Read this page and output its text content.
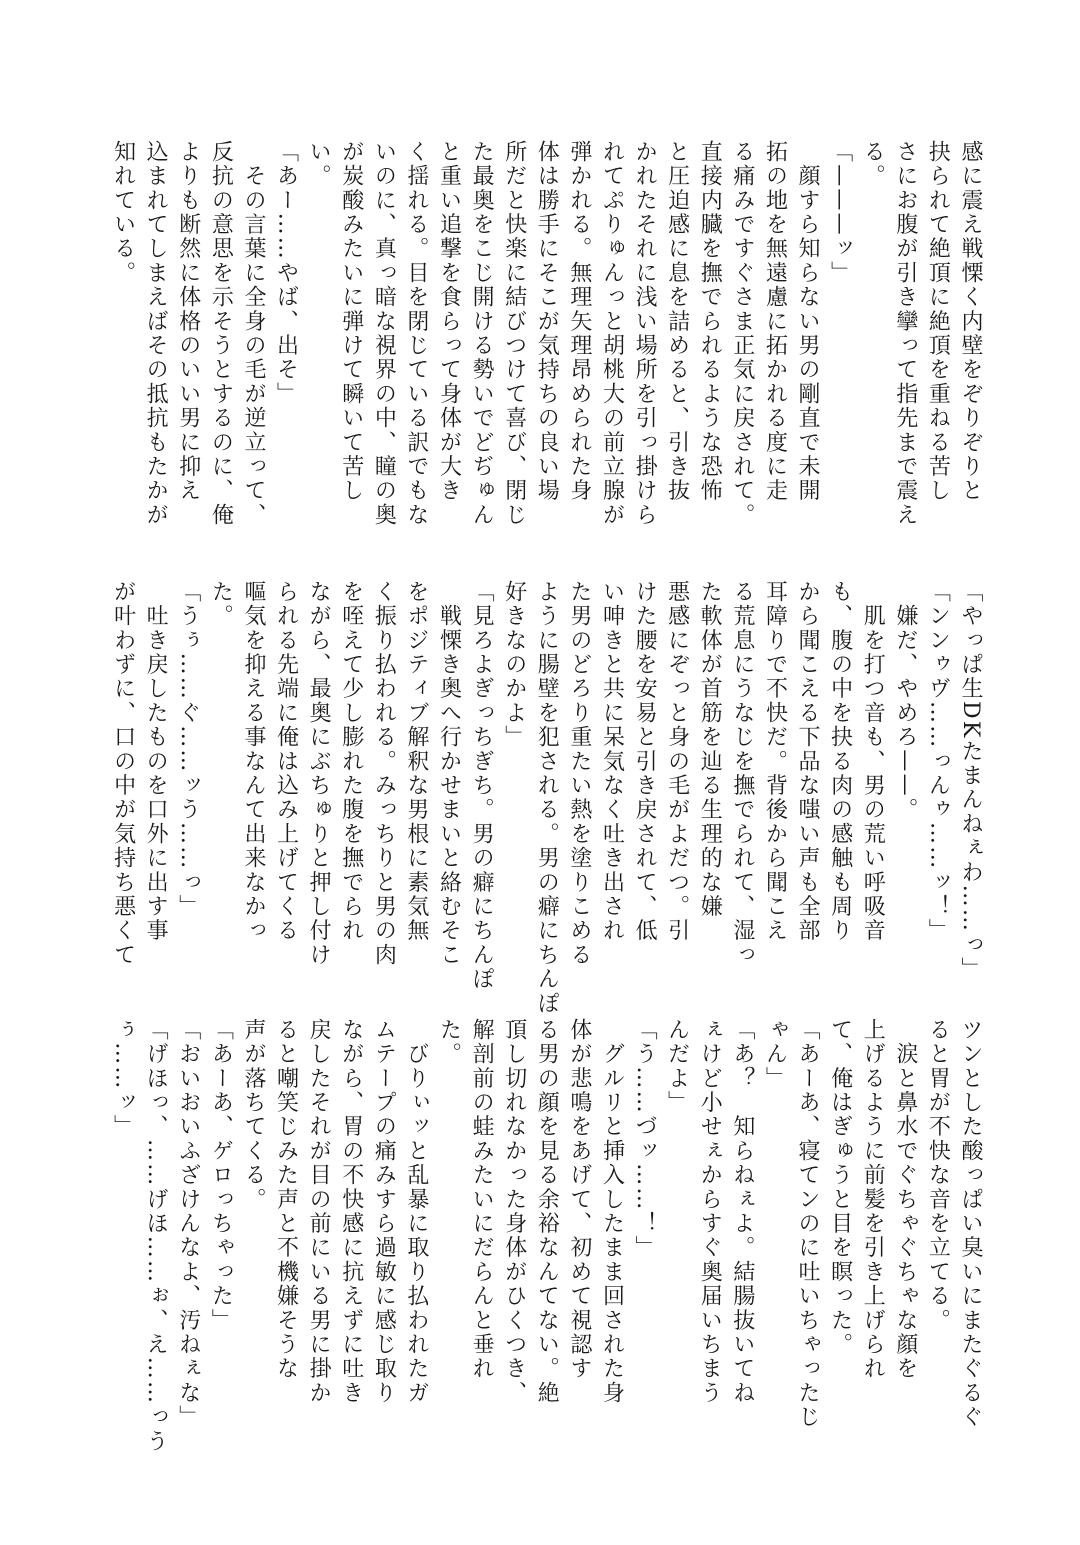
感に震え戦慄く内壁をぞりぞりと
抉られて絶頂に絶頂を重ねる苦し
さにお腹が引き攣って指先まで震え
る。
「———ッ」
　顔すら知らない男の剛直で未開
拓の地を無遠慮に拓かれる度に走
る痛みですぐさま正気に戻されて。
直接内臓を撫でられるような恐怖
と圧迫感に息を詰めると、引き抜
かれたそれに浅い場所を引っ掛けら
れてぷりゅんっと胡桃大の前立腺が
弾かれる。無理矢理昂められた身
体は勝手にそこが気持ちの良い場
所だと快楽に結びつけて喜び、閉じ
た最奥をこじ開ける勢いでどぢゅん
と重い追撃を食らって身体が大き
く揺れる。目を閉じている訳でもな
いのに、真っ暗な視界の中、瞳の奥
が炭酸みたいに弾けて瞬いて苦し
い。
「あー……やば、出そ」
　その言葉に全身の毛が逆立って、
反抗の意思を示そうとするのに、俺
よりも断然に体格のいい男に抑え
込まれてしまえばその抵抗もたかが
知れている。
「やっぱ生DKたまんねぇわ……っ」
「ンンゥヴ……っんゥ……ッ！」
　嫌だ、やめろ——。
　肌を打つ音も、男の荒い呼吸音
も、腹の中を抉る肉の感触も周り
から聞こえる下品な嗤い声も全部
耳障りで不快だ。背後から聞こえ
る荒息にうなじを撫でられて、湿っ
た軟体が首筋を辿る生理的な嫌
悪感にぞっと身の毛がよだつ。引
けた腰を安易と引き戻されて、低
い呻きと共に呆気なく吐き出され
た男のどろり重たい熱を塗りこめる
ように腸壁を犯される。男の癖にちんぽ
好きなのかよ」
「見ろよぎっちぎち。男の癖にちんぽ
　戦慄き奥へ行かせまいと絡むそこ
をポジティブ解釈な男根に素気無
く振り払われる。みっちりと男の肉
を咥えて少し膨れた腹を撫でられ
ながら、最奥にぶちゅりと押し付け
られる先端に俺は込み上げてくる
嘔気を抑える事なんて出来なかっ
た。
「うぅ……ぐ……ッう……っ」
　吐き戻したものを口外に出す事
が叶わずに、口の中が気持ち悪くて
ツンとした酸っぱい臭いにまたぐるぐ
ると胃が不快な音を立てる。
　涙と鼻水でぐちゃぐちゃな顔を
上げるように前髪を引き上げられ
て、俺はぎゅうと目を瞑った。
「あーあ、寝てンのに吐いちゃったじ
ゃん」
「あ？　知らねぇよ。結腸抜いてね
ぇけど小せぇからすぐ奥届いちまう
んだよ」
「う……づッ……！」
　グルリと挿入したまま回された身
体が悲鳴をあげて、初めて視認す
る男の顔を見る余裕なんてない。絶
頂し切れなかった身体がひくつき、
解剖前の蛙みたいにだらんと垂れ
た。
　びりぃッと乱暴に取り払われたガ
ムテープの痛みすら過敏に感じ取り
ながら、胃の不快感に抗えずに吐き
戻したそれが目の前にいる男に掛か
ると嘲笑じみた声と不機嫌そうな
声が落ちてくる。
「あーあ、ゲロっちゃった」
「おいおいふざけんなよ、汚ねぇな」
「げほっ、……げほ……ぉ、え……っう
ぅ……ッ」
